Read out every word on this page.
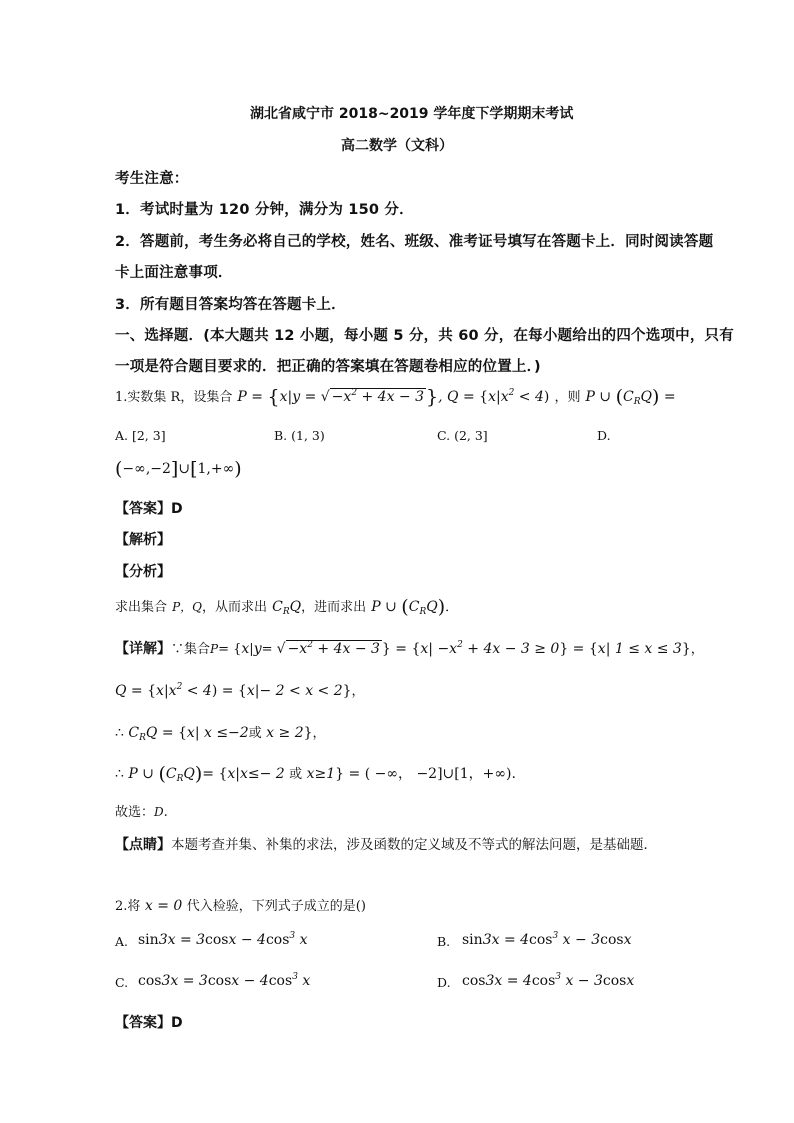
湖北省咸宁市 2018~2019 学年度下学期期末考试
高二数学（文科）
考生注意：
1．考试时量为 120 分钟，满分为 150 分．
2．答题前，考生务必将自己的学校，姓名、班级、准考证号填写在答题卡上．同时阅读答题
卡上面注意事项．
3．所有题目答案均答在答题卡上．
一、选择题．(本大题共 12 小题，每小题 5 分，共 60 分，在每小题给出的四个选项中，只有
一项是符合题目要求的．把正确的答案填在答题卷相应的位置上．)
1.实数集 R，设集合 P = {x|y = √ $-x^2 + 4x - 3$ }, $Q = \{x|x^2 < 4)$ ，则 P ∪ $(C_RQ)$ =
A. [2, 3]	B. (1, 3)	C. (2, 3]	D.
(−∞,−2]∪[1,+∞)
【答案】D
【解析】
【分析】
求出集合 P，Q，从而求出 $C_RQ$，进而求出 P ∪ $(C_RQ)$．
【详解】∵集合P= {x|y= √ $-x^2 + 4x - 3$ } = $\{x| -x^2 + 4x - 3 \ge 0\} = \{x|$ 1 ≤ x ≤ 3}，
$Q = \{x|x^2 < 4) = \{x|- 2 < x < 2\}$，
∴ $C_RQ = \{x|$ x ≤−2或 x ≥ 2}，
∴ P ∪ $(C_RQ)= \{x|x\le- 2$ 或 x≥1} = ( −∞， −2]∪[1，+∞).
故选：D.
【点睛】本题考查并集、补集的求法，涉及函数的定义域及不等式的解法问题，是基础题．
2.将 x = 0 代入检验，下列式子成立的是()
A. $\sin 3x = 3\cos x - 4\cos^3$ x	B. $\sin 3x = 4\cos^3$ x − 3cosx
C. $\cos 3x = 3\cos x - 4\cos^3$ x	D. $\cos 3x = 4\cos^3$ x − 3cosx
【答案】D
